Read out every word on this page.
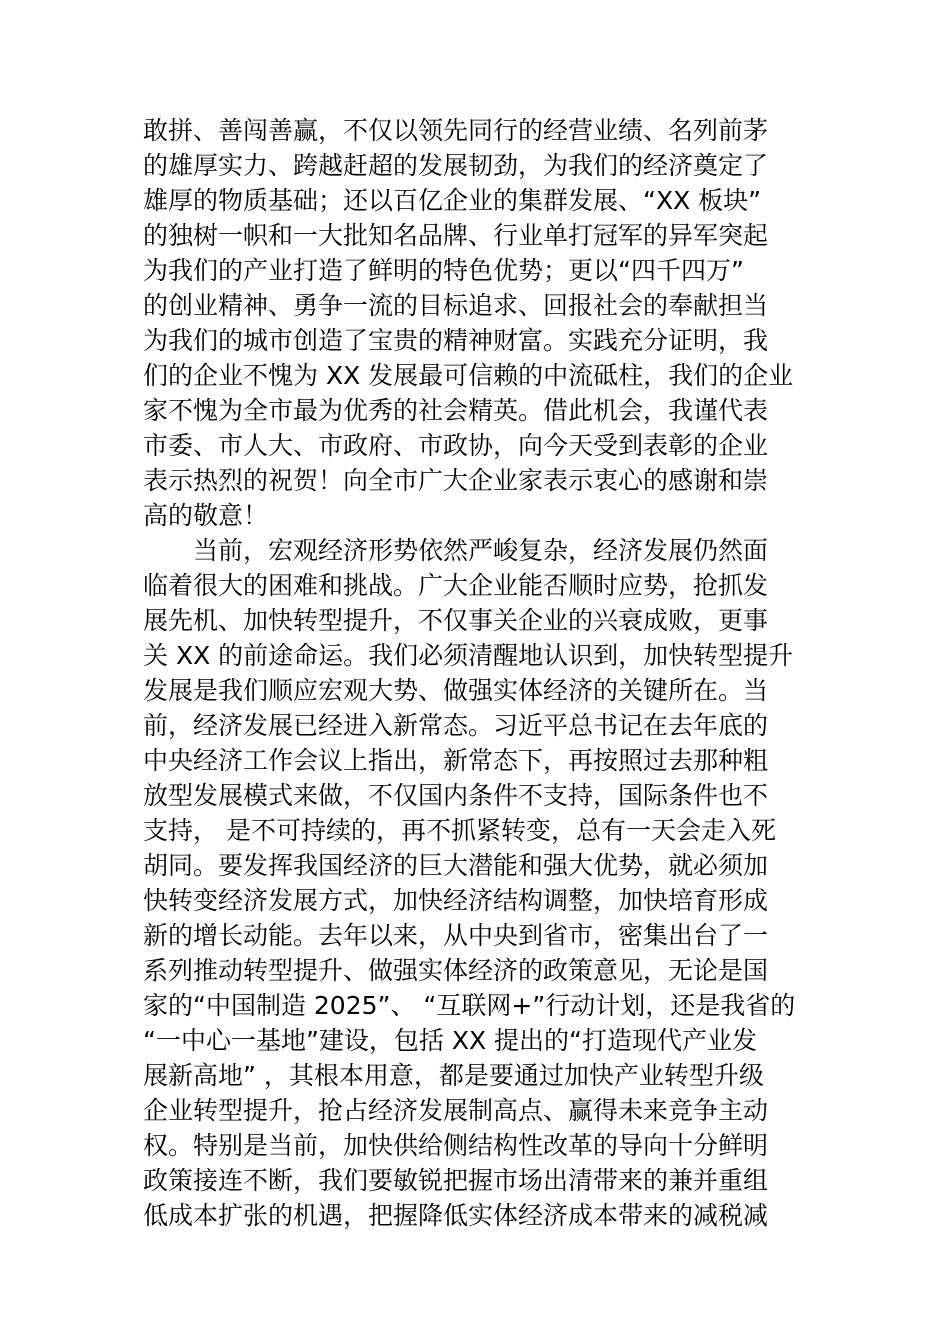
敢拼、善闯善赢，不仅以领先同行的经营业绩、名列前茅
的雄厚实力、跨越赶超的发展韧劲，为我们的经济奠定了
雄厚的物质基础；还以百亿企业的集群发展、“XX 板块”
的独树一帜和一大批知名品牌、行业单打冠军的异军突起
为我们的产业打造了鲜明的特色优势；更以“四千四万”
的创业精神、勇争一流的目标追求、回报社会的奉献担当
为我们的城市创造了宝贵的精神财富。实践充分证明，我
们的企业不愧为 XX 发展最可信赖的中流砥柱，我们的企业
家不愧为全市最为优秀的社会精英。借此机会，我谨代表
市委、市人大、市政府、市政协，向今天受到表彰的企业
表示热烈的祝贺！向全市广大企业家表示衷心的感谢和崇
高的敬意！
当前，宏观经济形势依然严峻复杂，经济发展仍然面
临着很大的困难和挑战。广大企业能否顺时应势，抢抓发
展先机、加快转型提升，不仅事关企业的兴衰成败，更事
关 XX 的前途命运。我们必须清醒地认识到，加快转型提升
发展是我们顺应宏观大势、做强实体经济的关键所在。当
前，经济发展已经进入新常态。习近平总书记在去年底的
中央经济工作会议上指出，新常态下，再按照过去那种粗
放型发展模式来做，不仅国内条件不支持，国际条件也不
支持， 是不可持续的，再不抓紧转变，总有一天会走入死
胡同。要发挥我国经济的巨大潜能和强大优势，就必须加
快转变经济发展方式，加快经济结构调整，加快培育形成
新的增长动能。去年以来，从中央到省市，密集出台了一
系列推动转型提升、做强实体经济的政策意见，无论是国
家的“中国制造 2025”、 “互联网+”行动计划，还是我省的
“一中心一基地”建设，包括 XX 提出的“打造现代产业发
展新高地” ，其根本用意，都是要通过加快产业转型升级
企业转型提升，抢占经济发展制高点、赢得未来竞争主动
权。特别是当前，加快供给侧结构性改革的导向十分鲜明
政策接连不断，我们要敏锐把握市场出清带来的兼并重组
低成本扩张的机遇，把握降低实体经济成本带来的减税减
